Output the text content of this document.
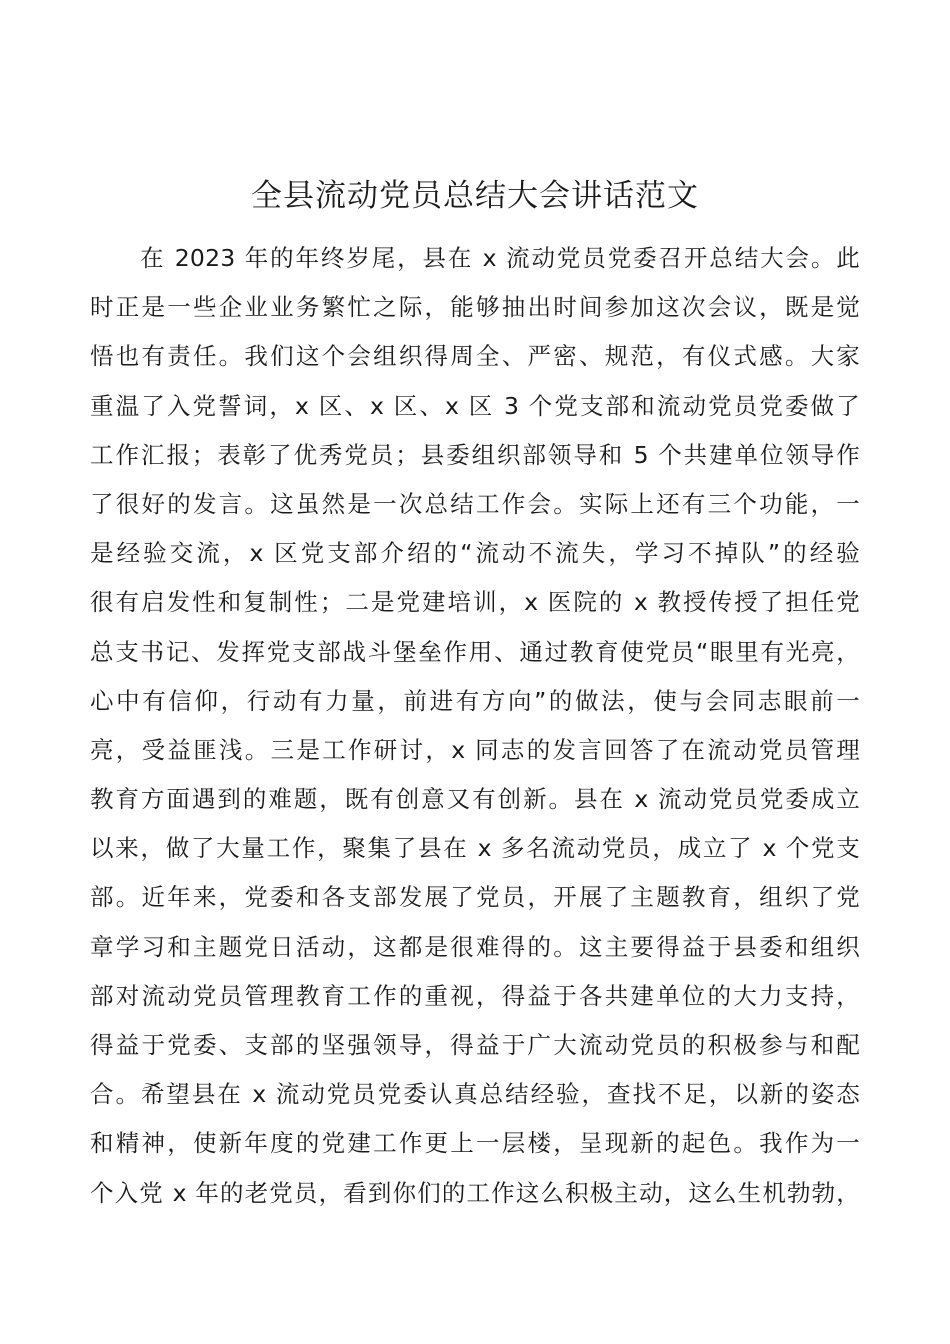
全县流动党员总结大会讲话范文
在 2023 年的年终岁尾，县在 x 流动党员党委召开总结大会。此
时正是一些企业业务繁忙之际，能够抽出时间参加这次会议，既是觉
悟也有责任。我们这个会组织得周全、严密、规范，有仪式感。大家
重温了入党誓词，x 区、x 区、x 区 3 个党支部和流动党员党委做了
工作汇报；表彰了优秀党员；县委组织部领导和 5 个共建单位领导作
了很好的发言。这虽然是一次总结工作会。实际上还有三个功能，一
是经验交流，x 区党支部介绍的“流动不流失，学习不掉队”的经验
很有启发性和复制性；二是党建培训，x 医院的 x 教授传授了担任党
总支书记、发挥党支部战斗堡垒作用、通过教育使党员“眼里有光亮，
心中有信仰，行动有力量，前进有方向”的做法，使与会同志眼前一
亮，受益匪浅。三是工作研讨，x 同志的发言回答了在流动党员管理
教育方面遇到的难题，既有创意又有创新。县在 x 流动党员党委成立
以来，做了大量工作，聚集了县在 x 多名流动党员，成立了 x 个党支
部。近年来，党委和各支部发展了党员，开展了主题教育，组织了党
章学习和主题党日活动，这都是很难得的。这主要得益于县委和组织
部对流动党员管理教育工作的重视，得益于各共建单位的大力支持，
得益于党委、支部的坚强领导，得益于广大流动党员的积极参与和配
合。希望县在 x 流动党员党委认真总结经验，查找不足，以新的姿态
和精神，使新年度的党建工作更上一层楼，呈现新的起色。我作为一
个入党 x 年的老党员，看到你们的工作这么积极主动，这么生机勃勃，
